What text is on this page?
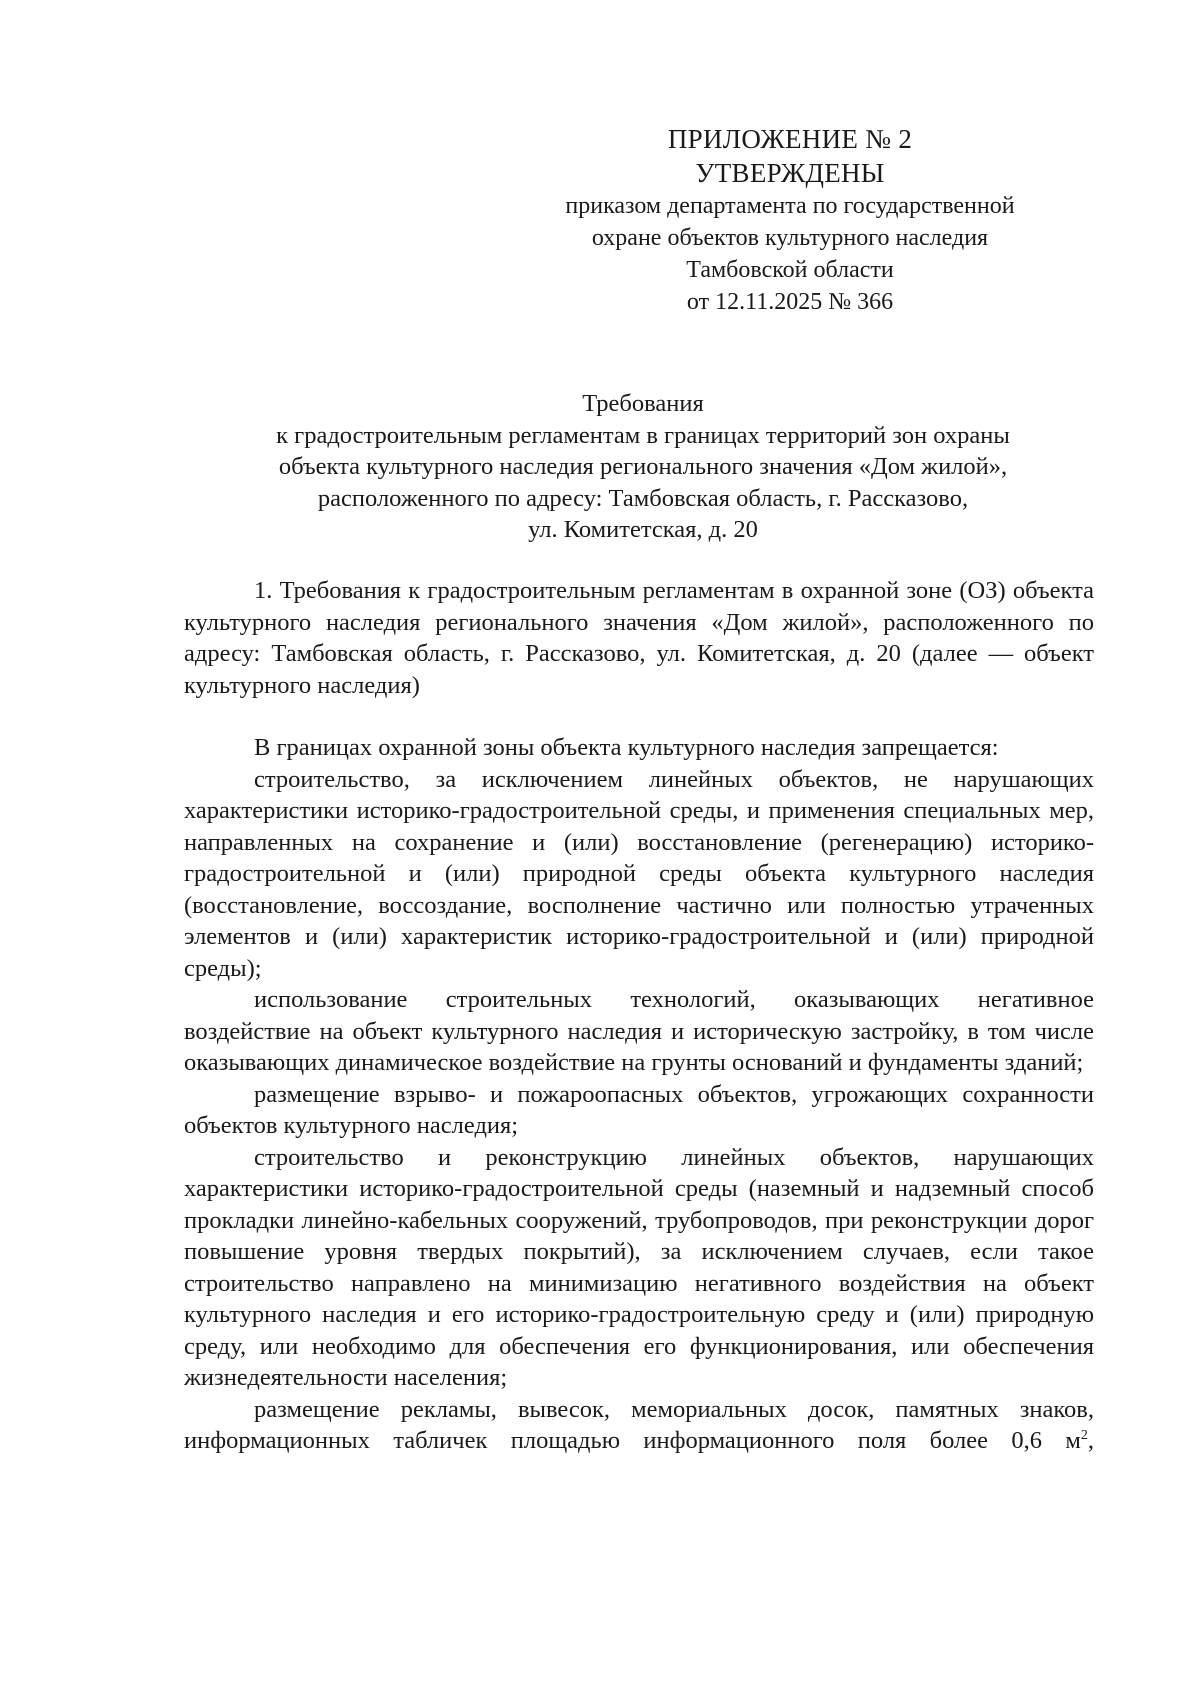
ПРИЛОЖЕНИЕ № 2
УТВЕРЖДЕНЫ
приказом департамента по государственной
охране объектов культурного наследия
Тамбовской области
от 12.11.2025 № 366
Требования
к градостроительным регламентам в границах территорий зон охраны
объекта культурного наследия регионального значения «Дом жилой»,
расположенного по адресу: Тамбовская область, г. Рассказово,
ул. Комитетская, д. 20

1. Требования к градостроительным регламентам в охранной зоне (ОЗ) объекта культурного наследия регионального значения «Дом жилой», расположенного по адресу: Тамбовская область, г. Рассказово, ул. Комитетская, д. 20 (далее — объект культурного наследия)

В границах охранной зоны объекта культурного наследия запрещается:

строительство, за исключением линейных объектов, не нарушающих характеристики историко-градостроительной среды, и применения специальных мер, направленных на сохранение и (или) восстановление (регенерацию) историко-градостроительной и (или) природной среды объекта культурного наследия (восстановление, воссоздание, восполнение частично или полностью утраченных элементов и (или) характеристик историко-градостроительной и (или) природной среды);

использование строительных технологий, оказывающих негативное воздействие на объект культурного наследия и историческую застройку, в том числе оказывающих динамическое воздействие на грунты оснований и фундаменты зданий;

размещение взрыво- и пожароопасных объектов, угрожающих сохранности объектов культурного наследия;

строительство и реконструкцию линейных объектов, нарушающих характеристики историко-градостроительной среды (наземный и надземный способ прокладки линейно-кабельных сооружений, трубопроводов, при реконструкции дорог повышение уровня твердых покрытий), за исключением случаев, если такое строительство направлено на минимизацию негативного воздействия на объект культурного наследия и его историко-градостроительную среду и (или) природную среду, или необходимо для обеспечения его функционирования, или обеспечения жизнедеятельности населения;

размещение рекламы, вывесок, мемориальных досок, памятных знаков, информационных табличек площадью информационного поля более 0,6 $м^2$,
